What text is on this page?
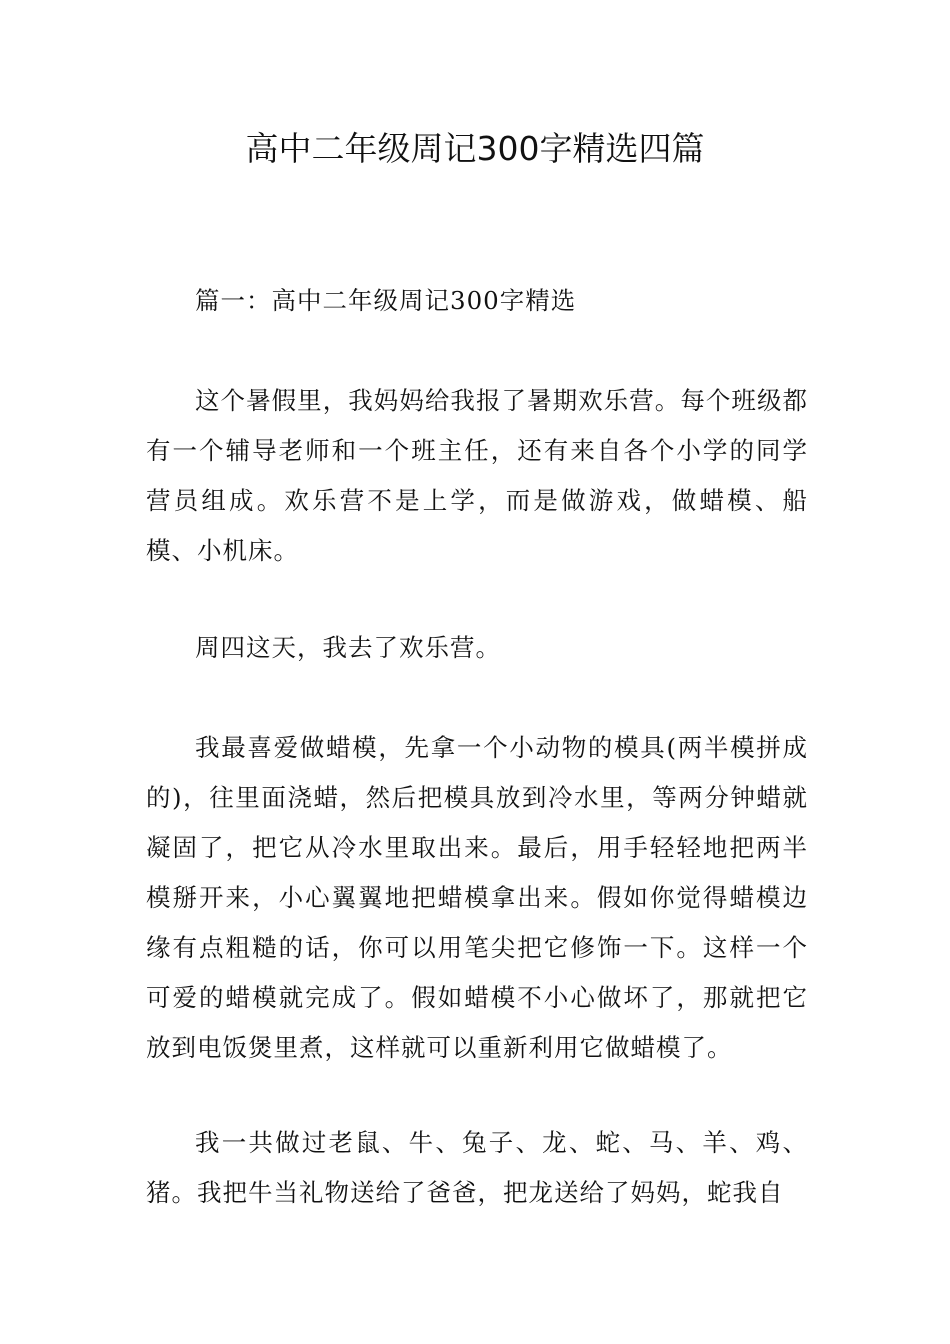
高中二年级周记300字精选四篇

篇一：高中二年级周记300字精选

这个暑假里，我妈妈给我报了暑期欢乐营。每个班级都有一个辅导老师和一个班主任，还有来自各个小学的同学营员组成。欢乐营不是上学，而是做游戏，做蜡模、船模、小机床。

周四这天，我去了欢乐营。

我最喜爱做蜡模，先拿一个小动物的模具(两半模拼成的)，往里面浇蜡，然后把模具放到冷水里，等两分钟蜡就凝固了，把它从冷水里取出来。最后，用手轻轻地把两半模掰开来，小心翼翼地把蜡模拿出来。假如你觉得蜡模边缘有点粗糙的话，你可以用笔尖把它修饰一下。这样一个可爱的蜡模就完成了。假如蜡模不小心做坏了，那就把它放到电饭煲里煮，这样就可以重新利用它做蜡模了。

我一共做过老鼠、牛、兔子、龙、蛇、马、羊、鸡、猪。我把牛当礼物送给了爸爸，把龙送给了妈妈，蛇我自
